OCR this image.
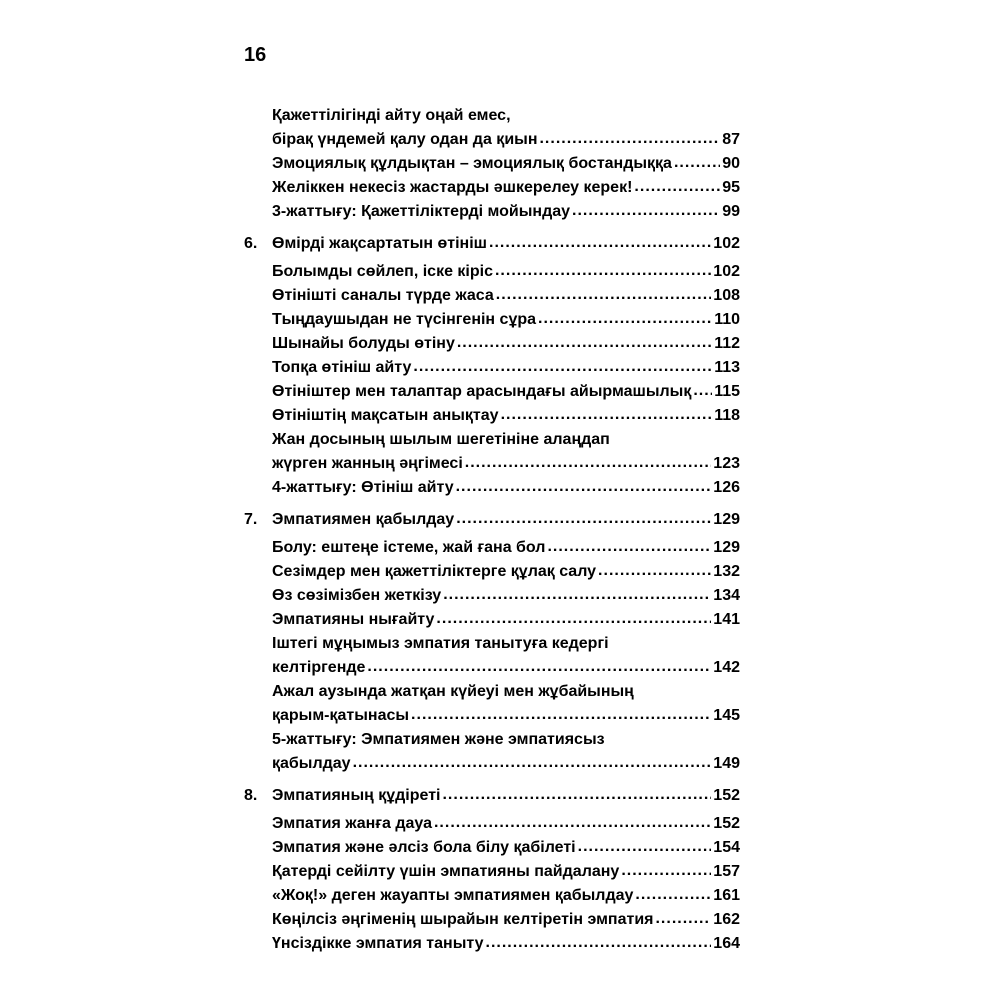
16
Қажеттілігінді айту оңай емес,
бірақ үндемей қалу одан да қиын .....	87
Эмоциялық құлдықтан – эмоциялық бостандыққа .....	90
Желіккен некесіз жастарды әшкерелеу керек! .....	95
3-жаттығу: Қажеттіліктерді мойындау .....	99
6. Өмірді жақсартатын өтініш .....	102
Болымды сөйлеп, іске кіріс .....	102
Өтінішті саналы түрде жаса .....	108
Тыңдаушыдан не түсінгенін сұра .....	110
Шынайы болуды өтіну .....	112
Топқа өтініш айту .....	113
Өтініштер мен талаптар арасындағы айырмашылық ..... 115
Өтініштің мақсатын анықтау .....	118
Жан досының шылым шегетініне алаңдап
жүрген жанның әңгімесі .....	123
4-жаттығу: Өтініш айту .....	126
7. Эмпатиямен қабылдау .....	129
Болу: ештеңе істеме, жай ғана бол .....	129
Сезімдер мен қажеттіліктерге құлақ салу .....	132
Өз сөзімізбен жеткізу .....	134
Эмпатияны нығайту .....	141
Іштегі мұңымыз эмпатия танытуға кедергі
келтіргенде .....	142
Ажал аузында жатқан күйеуі мен жұбайының
қарым-қатынасы .....	145
5-жаттығу: Эмпатиямен және эмпатиясыз
қабылдау .....	149
8. Эмпатияның құдіреті .....	152
Эмпатия жанға дауа .....	152
Эмпатия және әлсіз бола білу қабілеті .....	154
Қатерді сейілту үшін эмпатияны пайдалану .....	157
«Жоқ!» деген жауапты эмпатиямен қабылдау .....	161
Көңілсіз әңгіменің шырайын келтіретін эмпатия .....	162
Үнсіздікке эмпатия таныту .....	164
